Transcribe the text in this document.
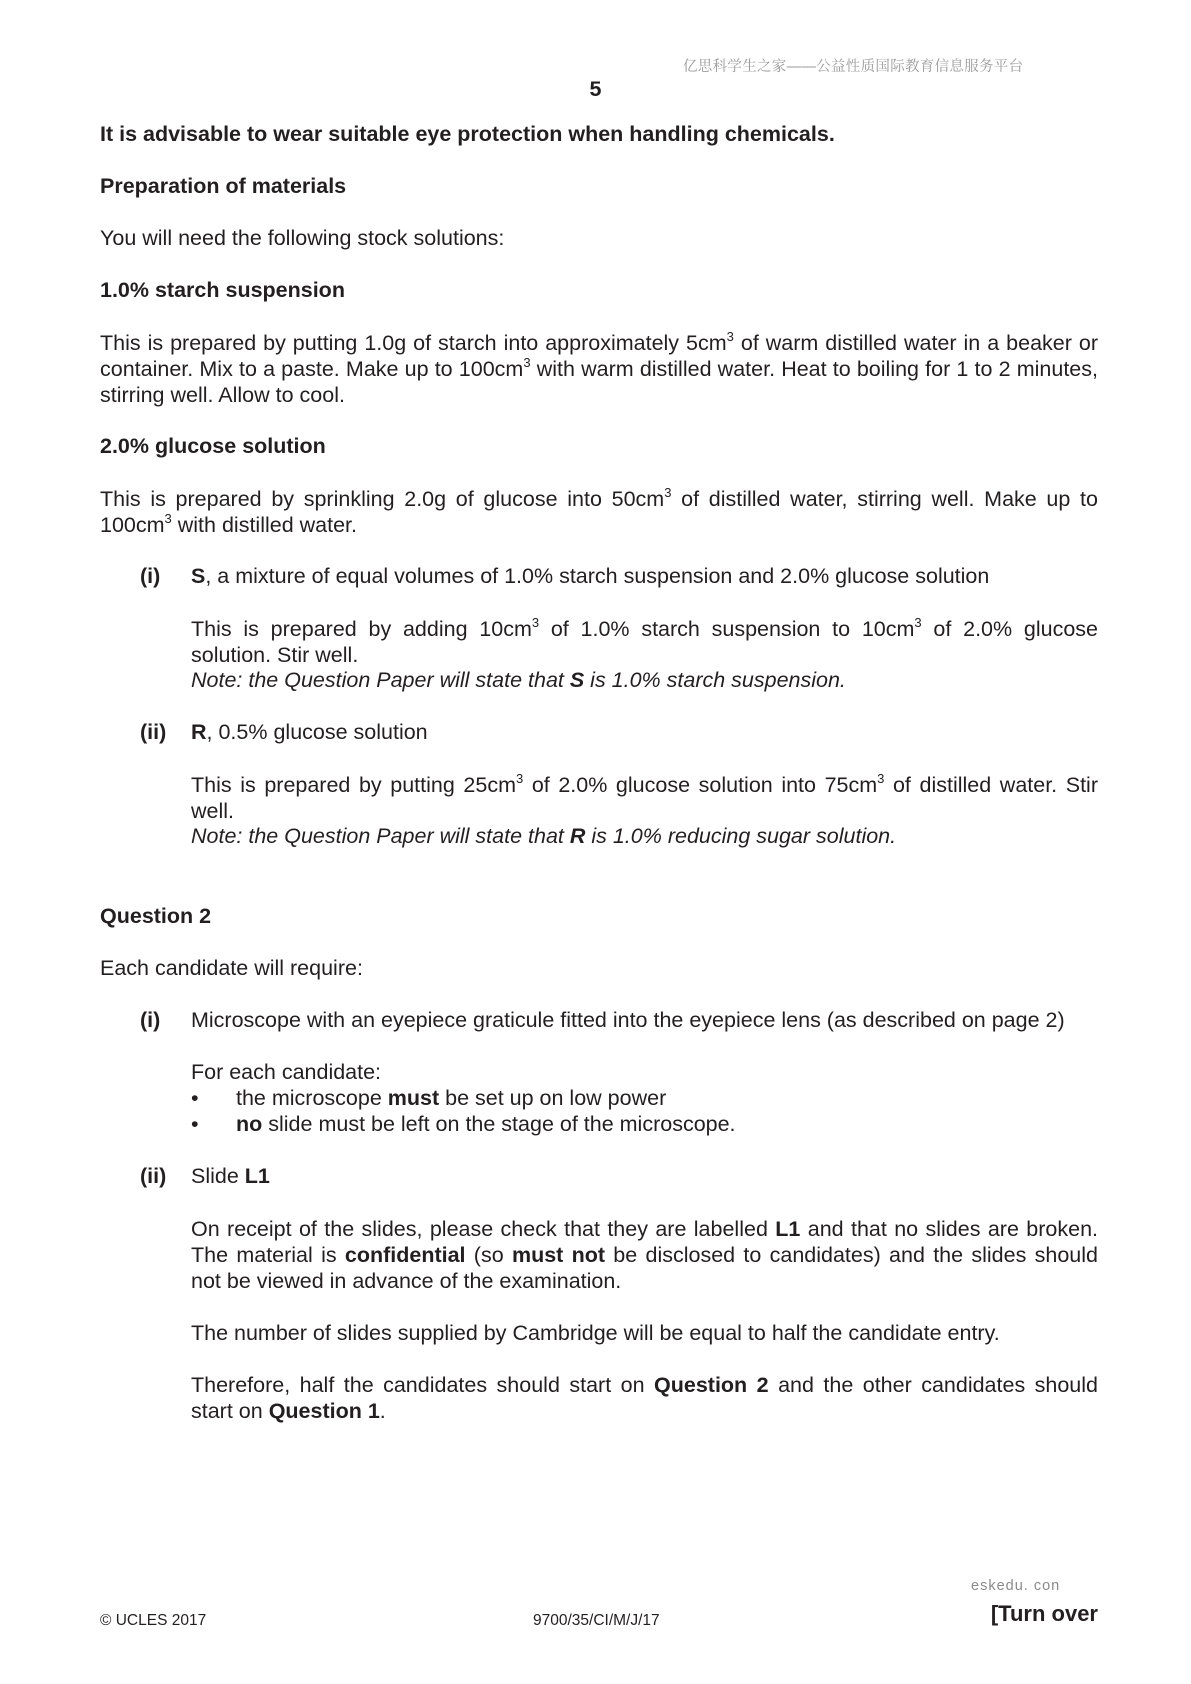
亿思科学生之家——公益性质国际教育信息服务平台
5
It is advisable to wear suitable eye protection when handling chemicals.
Preparation of materials
You will need the following stock solutions:
1.0% starch suspension
This is prepared by putting 1.0g of starch into approximately $5cm^3$ of warm distilled water in a beaker or container. Mix to a paste. Make up to $100cm^3$ with warm distilled water. Heat to boiling for 1 to 2 minutes, stirring well. Allow to cool.
2.0% glucose solution
This is prepared by sprinkling 2.0g of glucose into $50cm^3$ of distilled water, stirring well. Make up to $100cm^3$ with distilled water.
(i)	S, a mixture of equal volumes of 1.0% starch suspension and 2.0% glucose solution
This is prepared by adding $10cm^3$ of 1.0% starch suspension to $10cm^3$ of 2.0% glucose solution. Stir well.
Note: the Question Paper will state that S is 1.0% starch suspension.
(ii)	R, 0.5% glucose solution
This is prepared by putting $25cm^3$ of 2.0% glucose solution into $75cm^3$ of distilled water. Stir well.
Note: the Question Paper will state that R is 1.0% reducing sugar solution.
Question 2
Each candidate will require:
(i)	Microscope with an eyepiece graticule fitted into the eyepiece lens (as described on page 2)
For each candidate:
•	the microscope must be set up on low power
•	no slide must be left on the stage of the microscope.
(ii)	Slide L1
On receipt of the slides, please check that they are labelled L1 and that no slides are broken. The material is confidential (so must not be disclosed to candidates) and the slides should not be viewed in advance of the examination.
The number of slides supplied by Cambridge will be equal to half the candidate entry.
Therefore, half the candidates should start on Question 2 and the other candidates should start on Question 1.
eskedu. con
© UCLES 2017	9700/35/CI/M/J/17	[Turn over
